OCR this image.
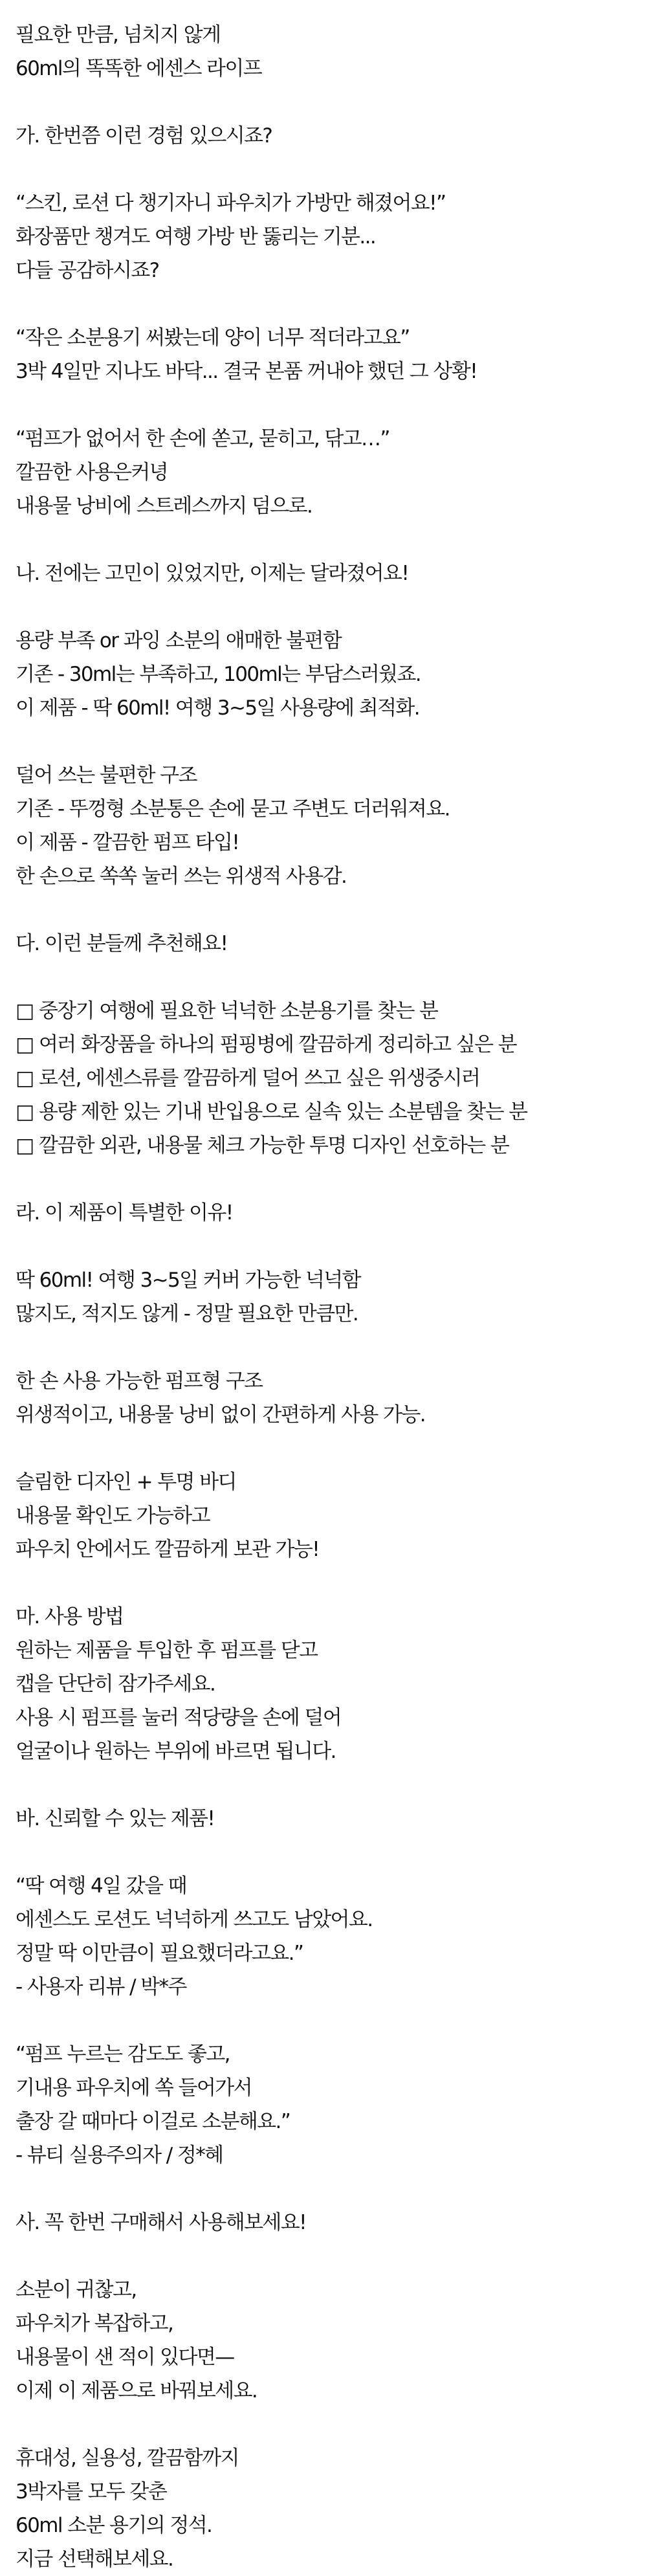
필요한 만큼, 넘치지 않게
60ml의 똑똑한 에센스 라이프
가. 한번쯤 이런 경험 있으시죠?
“스킨, 로션 다 챙기자니 파우치가 가방만 해졌어요!”
화장품만 챙겨도 여행 가방 반 뚫리는 기분...
다들 공감하시죠?
“작은 소분용기 써봤는데 양이 너무 적더라고요”
3박 4일만 지나도 바닥... 결국 본품 꺼내야 했던 그 상황!
“펌프가 없어서 한 손에 쏟고, 묻히고, 닦고…”
깔끔한 사용은커녕
내용물 낭비에 스트레스까지 덤으로.
나. 전에는 고민이 있었지만, 이제는 달라졌어요!
용량 부족 or 과잉 소분의 애매한 불편함
기존 - 30ml는 부족하고, 100ml는 부담스러웠죠.
이 제품 - 딱 60ml! 여행 3~5일 사용량에 최적화.
덜어 쓰는 불편한 구조
기존 - 뚜껑형 소분통은 손에 묻고 주변도 더러워져요.
이 제품 - 깔끔한 펌프 타입!
한 손으로 쏙쏙 눌러 쓰는 위생적 사용감.
다. 이런 분들께 추천해요!
□ 중장기 여행에 필요한 넉넉한 소분용기를 찾는 분
□ 여러 화장품을 하나의 펌핑병에 깔끔하게 정리하고 싶은 분
□ 로션, 에센스류를 깔끔하게 덜어 쓰고 싶은 위생중시러
□ 용량 제한 있는 기내 반입용으로 실속 있는 소분템을 찾는 분
□ 깔끔한 외관, 내용물 체크 가능한 투명 디자인 선호하는 분
라. 이 제품이 특별한 이유!
딱 60ml! 여행 3~5일 커버 가능한 넉넉함
많지도, 적지도 않게 - 정말 필요한 만큼만.
한 손 사용 가능한 펌프형 구조
위생적이고, 내용물 낭비 없이 간편하게 사용 가능.
슬림한 디자인 + 투명 바디
내용물 확인도 가능하고
파우치 안에서도 깔끔하게 보관 가능!
마. 사용 방법
원하는 제품을 투입한 후 펌프를 닫고
캡을 단단히 잠가주세요.
사용 시 펌프를 눌러 적당량을 손에 덜어
얼굴이나 원하는 부위에 바르면 됩니다.
바. 신뢰할 수 있는 제품!
“딱 여행 4일 갔을 때
에센스도 로션도 넉넉하게 쓰고도 남았어요.
정말 딱 이만큼이 필요했더라고요.”
- 사용자 리뷰 / 박*주
“펌프 누르는 감도도 좋고,
기내용 파우치에 쏙 들어가서
출장 갈 때마다 이걸로 소분해요.”
- 뷰티 실용주의자 / 정*혜
사. 꼭 한번 구매해서 사용해보세요!
소분이 귀찮고,
파우치가 복잡하고,
내용물이 샌 적이 있다면—
이제 이 제품으로 바꿔보세요.
휴대성, 실용성, 깔끔함까지
3박자를 모두 갖춘
60ml 소분 용기의 정석.
지금 선택해보세요.
